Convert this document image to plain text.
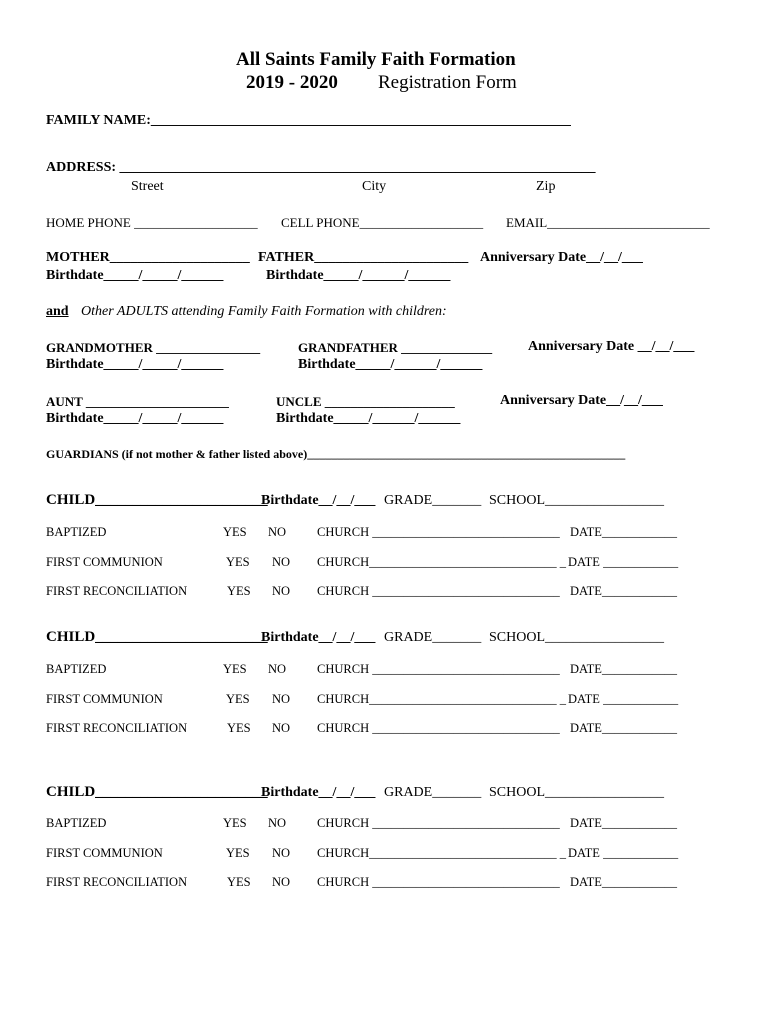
All Saints Family Faith Formation
2019 - 2020 Registration Form
FAMILY NAME:____________________________________________________________
ADDRESS: ____________________________________________________________________
Street	City	Zip
HOME PHONE ___________________ CELL PHONE___________________ EMAIL_________________________
MOTHER____________________ FATHER______________________ Anniversary Date__/__/___
Birthdate_____/_____/______	Birthdate_____/______/______
and Other ADULTS attending Family Faith Formation with children:
GRANDMOTHER ________________	GRANDFATHER ______________	Anniversary Date __/__/___
Birthdate_____/_____/______	Birthdate_____/______/______
AUNT ______________________	UNCLE ____________________	Anniversary Date__/__/___
Birthdate_____/_____/______	Birthdate_____/______/______
GUARDIANS (if not mother & father listed above)_____________________________________________________
CHILD_______________________
Birthdate__/__/___ GRADE_______ SCHOOL_________________
BAPTIZED	YES NO CHURCH ______________________________ DATE____________
FIRST COMMUNION	YES NO CHURCH______________________________ _ DATE ____________
FIRST RECONCILIATION	YES NO CHURCH ______________________________ DATE____________
CHILD_______________________
Birthdate__/__/___ GRADE_______ SCHOOL_________________
BAPTIZED	YES NO CHURCH ______________________________ DATE____________
FIRST COMMUNION	YES NO CHURCH______________________________ _ DATE ____________
FIRST RECONCILIATION	YES NO CHURCH ______________________________ DATE____________
CHILD_______________________
Birthdate__/__/___ GRADE_______ SCHOOL_________________
BAPTIZED	YES NO CHURCH ______________________________ DATE____________
FIRST COMMUNION	YES NO CHURCH______________________________ _ DATE ____________
FIRST RECONCILIATION	YES NO CHURCH ______________________________ DATE____________
